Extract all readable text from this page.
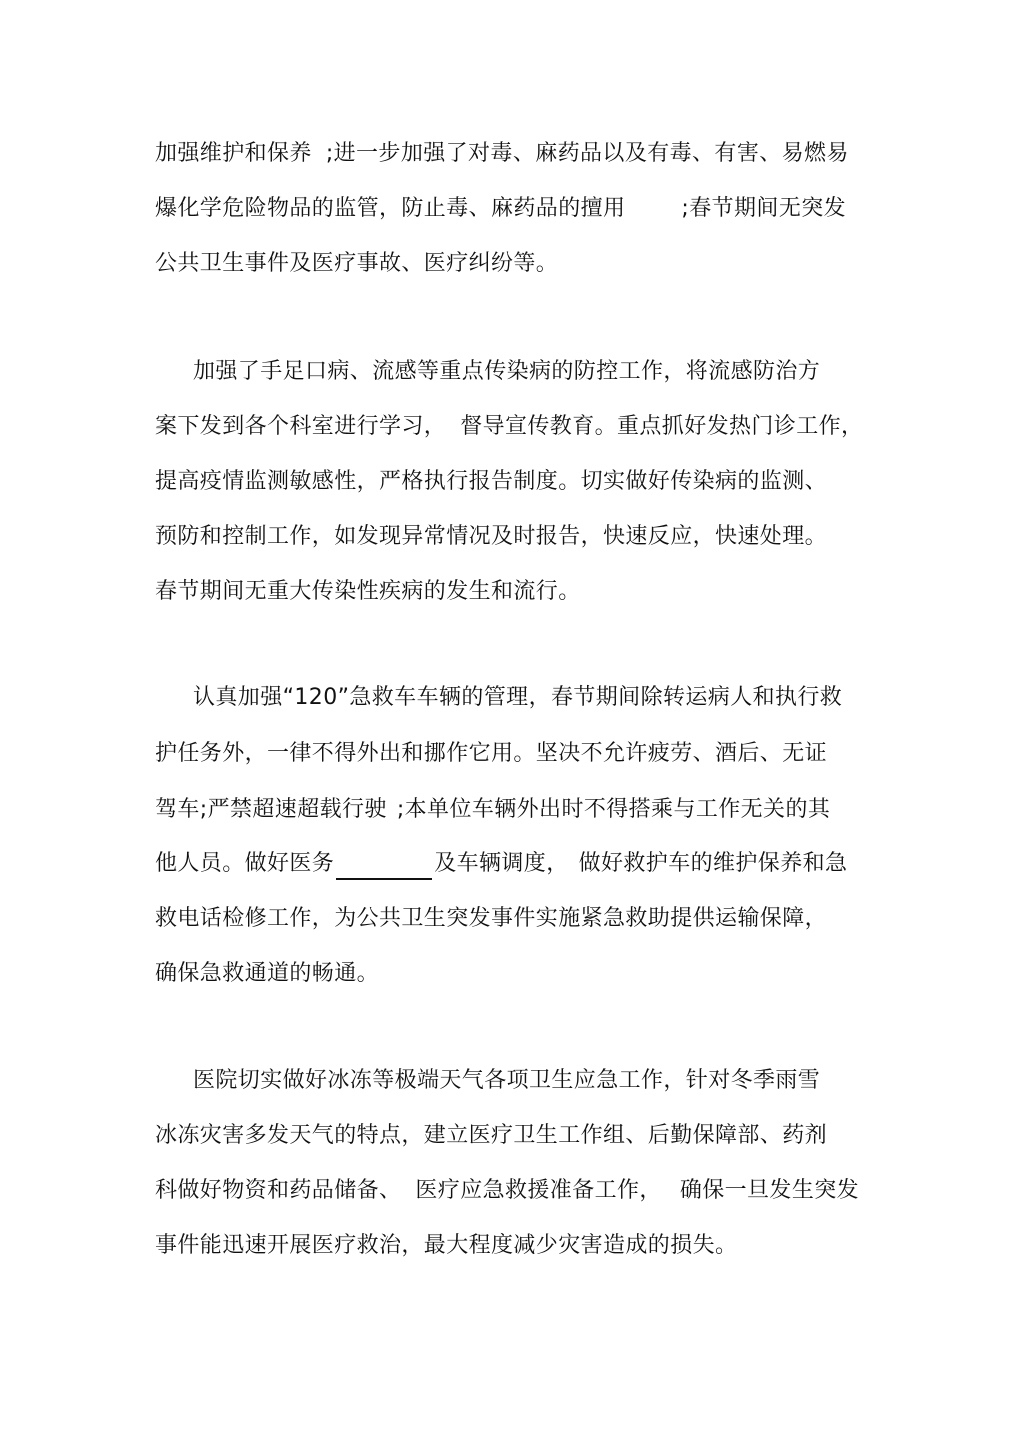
加强维护和保养 ;进一步加强了对毒、麻药品以及有毒、有害、易燃易
爆化学危险物品的监管，防止毒、麻药品的擅用	;春节期间无突发
公共卫生事件及医疗事故、医疗纠纷等。
加强了手足口病、流感等重点传染病的防控工作，将流感防治方
案下发到各个科室进行学习， 督导宣传教育。重点抓好发热门诊工作，
提高疫情监测敏感性，严格执行报告制度。切实做好传染病的监测、
预防和控制工作，如发现异常情况及时报告，快速反应，快速处理。
春节期间无重大传染性疾病的发生和流行。
认真加强“120”急救车车辆的管理，春节期间除转运病人和执行救
护任务外，一律不得外出和挪作它用。坚决不允许疲劳、酒后、无证
驾车;严禁超速超载行驶 ;本单位车辆外出时不得搭乘与工作无关的其
他人员。做好医务	及车辆调度， 做好救护车的维护保养和急
救电话检修工作，为公共卫生突发事件实施紧急救助提供运输保障，
确保急救通道的畅通。
医院切实做好冰冻等极端天气各项卫生应急工作，针对冬季雨雪
冰冻灾害多发天气的特点，建立医疗卫生工作组、后勤保障部、药剂
科做好物资和药品储备、 医疗应急救援准备工作， 确保一旦发生突发
事件能迅速开展医疗救治，最大程度减少灾害造成的损失。
